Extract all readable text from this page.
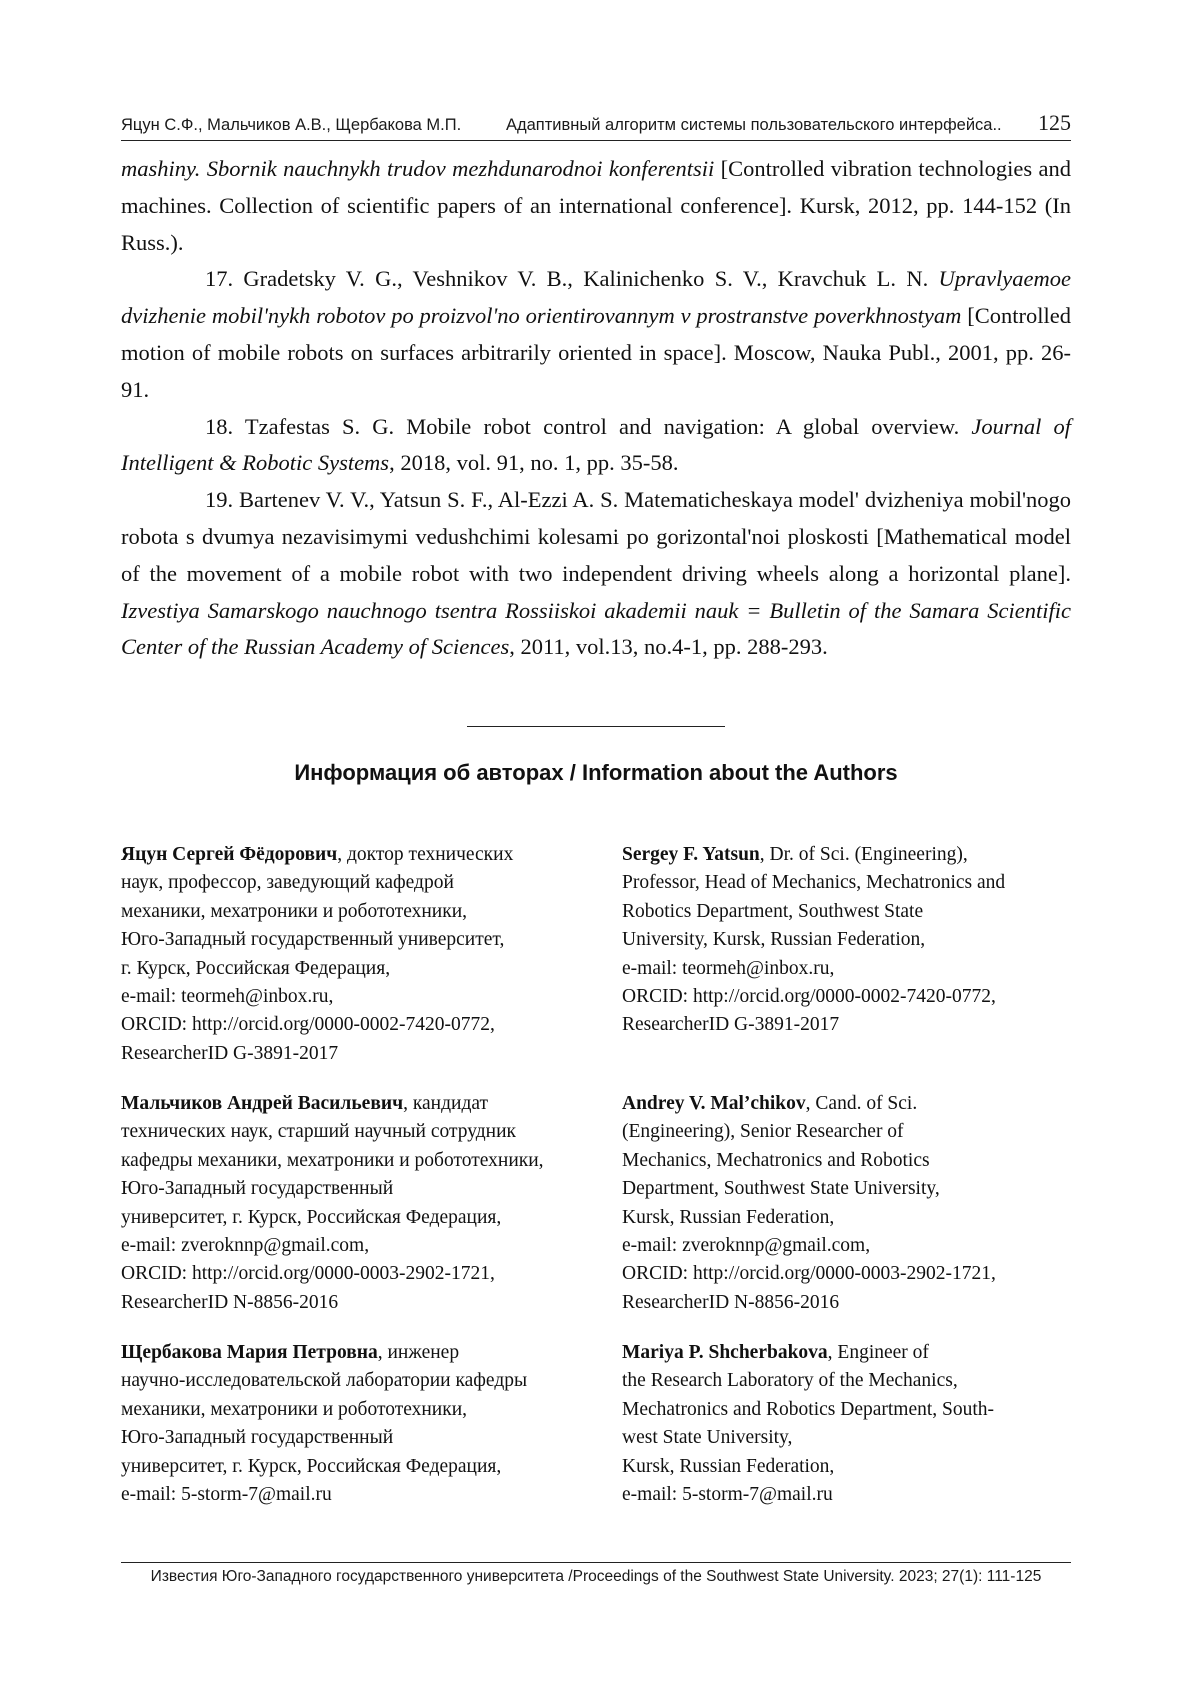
Яцун С.Ф., Мальчиков А.В., Щербакова М.П.	Адаптивный алгоритм системы пользовательского интерфейса.. 125

mashiny. Sbornik nauchnykh trudov mezhdunarodnoi konferentsii [Controlled vibration technologies and machines. Collection of scientific papers of an international conference]. Kursk, 2012, pp. 144-152 (In Russ.).

17. Gradetsky V. G., Veshnikov V. B., Kalinichenko S. V., Kravchuk L. N. Upravlyaemoe dvizhenie mobil'nykh robotov po proizvol'no orientirovannym v prostranstve poverkhnostyam [Controlled motion of mobile robots on surfaces arbitrarily oriented in space]. Moscow, Nauka Publ., 2001, pp. 26-91.

18. Tzafestas S. G. Mobile robot control and navigation: A global overview. Journal of Intelligent & Robotic Systems, 2018, vol. 91, no. 1, pp. 35-58.

19. Bartenev V. V., Yatsun S. F., Al-Ezzi A. S. Matematicheskaya model' dvizheniya mobil'nogo robota s dvumya nezavisimymi vedushchimi kolesami po gorizontal'noi ploskosti [Mathematical model of the movement of a mobile robot with two independent driving wheels along a horizontal plane]. Izvestiya Samarskogo nauchnogo tsentra Rossiiskoi akademii nauk = Bulletin of the Samara Scientific Center of the Russian Academy of Sciences, 2011, vol.13, no.4-1, pp. 288-293.

Информация об авторах / Information about the Authors
Яцун Сергей Фёдорович, доктор технических
наук, профессор, заведующий кафедрой
механики, мехатроники и робототехники,
Юго-Западный государственный университет,
г. Курск, Российская Федерация,
e-mail: teormeh@inbox.ru,
ORCID: http://orcid.org/0000-0002-7420-0772,
ResearcherID G-3891-2017
Sergey F. Yatsun, Dr. of Sci. (Engineering),
Professor, Head of Mechanics, Mechatronics and
Robotics Department, Southwest State
University, Kursk, Russian Federation,
e-mail: teormeh@inbox.ru,
ORCID: http://orcid.org/0000-0002-7420-0772,
ResearcherID G-3891-2017
Мальчиков Андрей Васильевич, кандидат
технических наук, старший научный сотрудник
кафедры механики, мехатроники и робототехники,
Юго-Западный государственный
университет, г. Курск, Российская Федерация,
e-mail: zveroknnp@gmail.com,
ORCID: http://orcid.org/0000-0003-2902-1721,
ResearcherID N-8856-2016
Andrey V. Mal’chikov, Cand. of Sci.
(Engineering), Senior Researcher of
Mechanics, Mechatronics and Robotics
Department, Southwest State University,
Kursk, Russian Federation,
e-mail: zveroknnp@gmail.com,
ORCID: http://orcid.org/0000-0003-2902-1721,
ResearcherID N-8856-2016
Щербакова Мария Петровна, инженер
научно-исследовательской лаборатории кафедры
механики, мехатроники и робототехники,
Юго-Западный государственный
университет, г. Курск, Российская Федерация,
e-mail: 5-storm-7@mail.ru
Mariya P. Shcherbakova, Engineer of
the Research Laboratory of the Mechanics,
Mechatronics and Robotics Department, South-
west State University,
Kursk, Russian Federation,
e-mail: 5-storm-7@mail.ru
Известия Юго-Западного государственного университета /Proceedings of the Southwest State University. 2023; 27(1): 111-125
